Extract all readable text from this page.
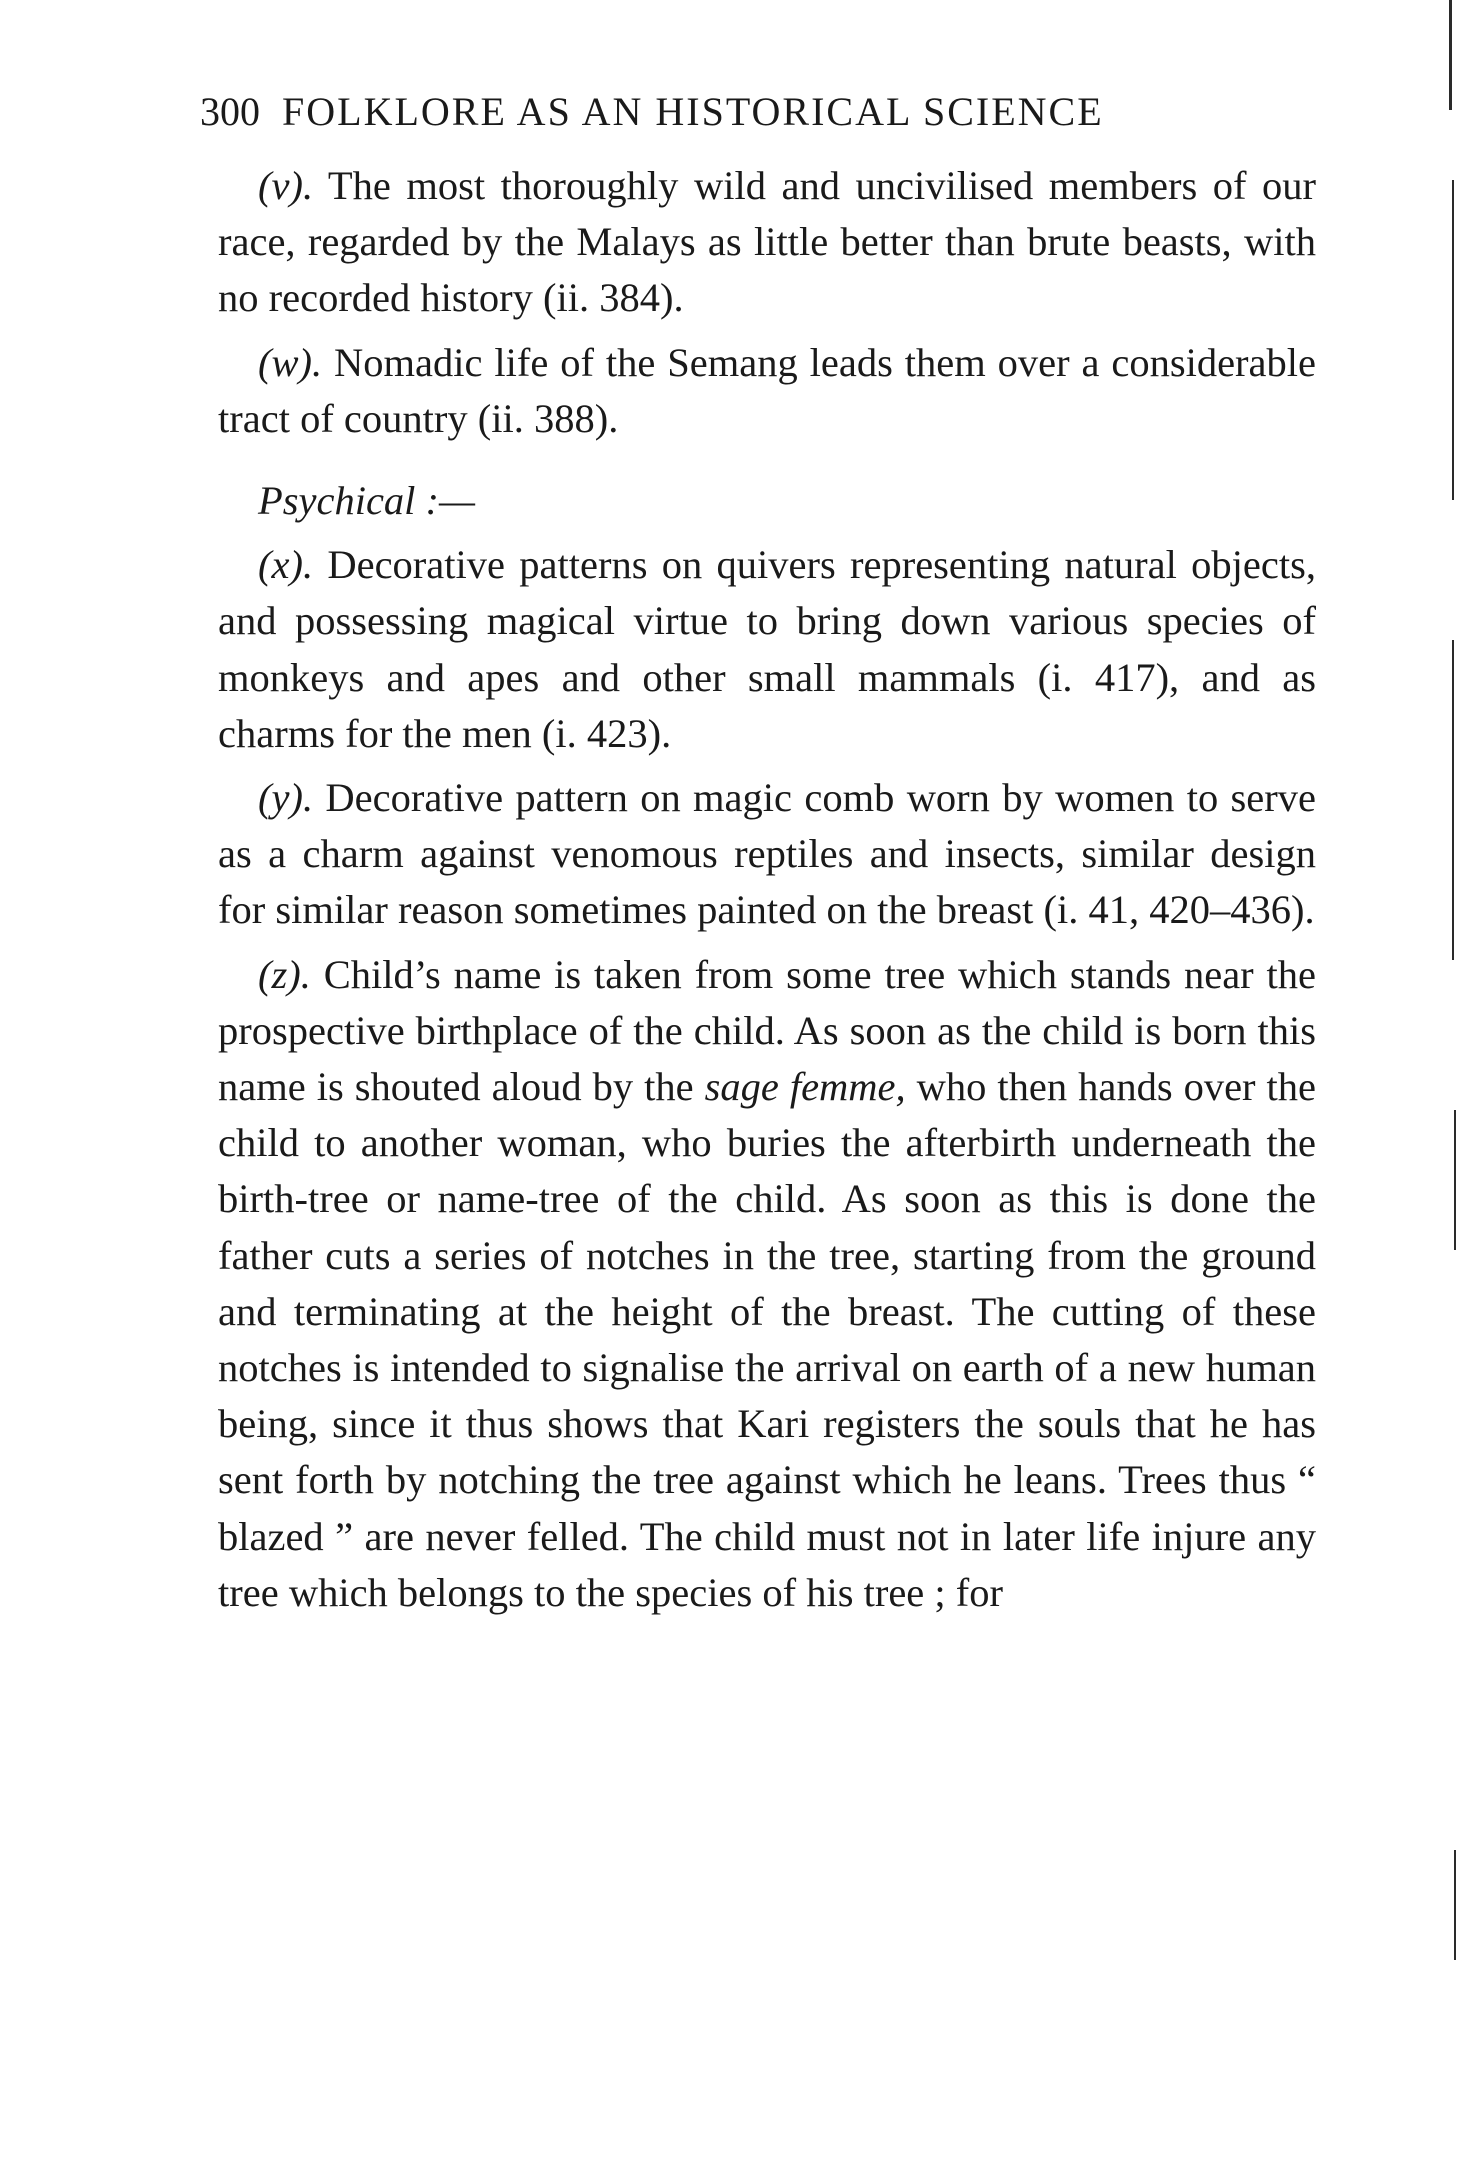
300 FOLKLORE AS AN HISTORICAL SCIENCE

(v). The most thoroughly wild and uncivilised members of our race, regarded by the Malays as little better than brute beasts, with no recorded history (ii. 384).

(w). Nomadic life of the Semang leads them over a considerable tract of country (ii. 388).

Psychical :—

(x). Decorative patterns on quivers representing natural objects, and possessing magical virtue to bring down various species of monkeys and apes and other small mammals (i. 417), and as charms for the men (i. 423).

(y). Decorative pattern on magic comb worn by women to serve as a charm against venomous reptiles and insects, similar design for similar reason sometimes painted on the breast (i. 41, 420–436).

(z). Child’s name is taken from some tree which stands near the prospective birthplace of the child. As soon as the child is born this name is shouted aloud by the sage femme, who then hands over the child to another woman, who buries the afterbirth underneath the birth-tree or name-tree of the child. As soon as this is done the father cuts a series of notches in the tree, starting from the ground and terminating at the height of the breast. The cutting of these notches is intended to signalise the arrival on earth of a new human being, since it thus shows that Kari registers the souls that he has sent forth by notching the tree against which he leans. Trees thus “ blazed ” are never felled. The child must not in later life injure any tree which belongs to the species of his tree ; for
